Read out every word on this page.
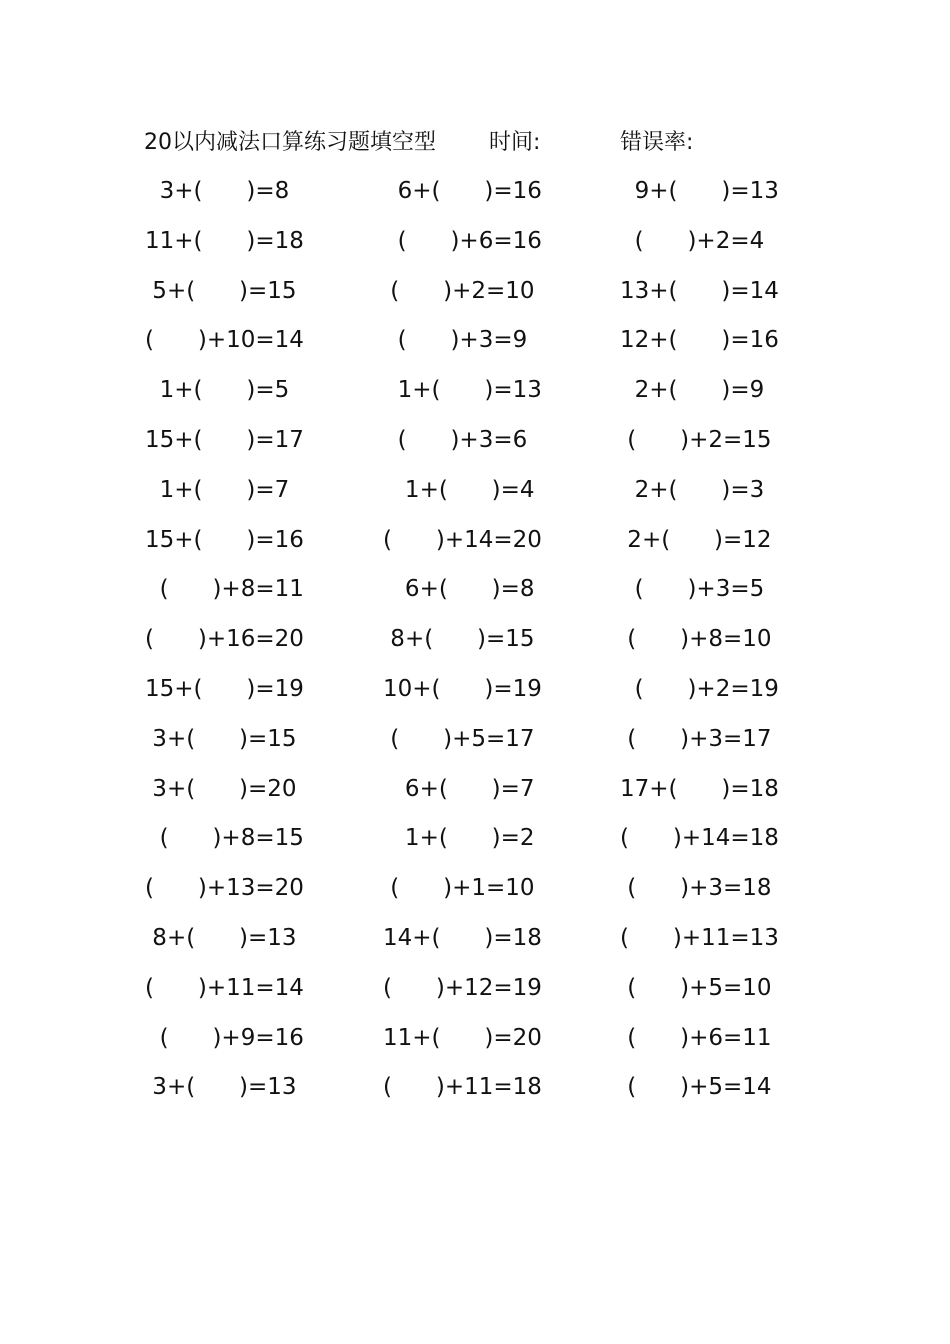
20以内减法口算练习题填空型 时间:	错误率:
3+(      )=8	6+(      )=16	9+(      )=13
11+(      )=18	(      )+6=16	(      )+2=4
5+(      )=15	(      )+2=10	13+(      )=14
(      )+10=14	(      )+3=9	12+(      )=16
1+(      )=5	1+(      )=13	2+(      )=9
15+(      )=17	(      )+3=6	(      )+2=15
1+(      )=7	1+(      )=4	2+(      )=3
15+(      )=16	(      )+14=20	2+(      )=12
(      )+8=11	6+(      )=8	(      )+3=5
(      )+16=20	8+(      )=15	(      )+8=10
15+(      )=19	10+(      )=19	(      )+2=19
3+(      )=15	(      )+5=17	(      )+3=17
3+(      )=20	6+(      )=7	17+(      )=18
(      )+8=15	1+(      )=2	(      )+14=18
(      )+13=20	(      )+1=10	(      )+3=18
8+(      )=13	14+(      )=18	(      )+11=13
(      )+11=14	(      )+12=19	(      )+5=10
(      )+9=16	11+(      )=20	(      )+6=11
3+(      )=13	(      )+11=18	(      )+5=14
